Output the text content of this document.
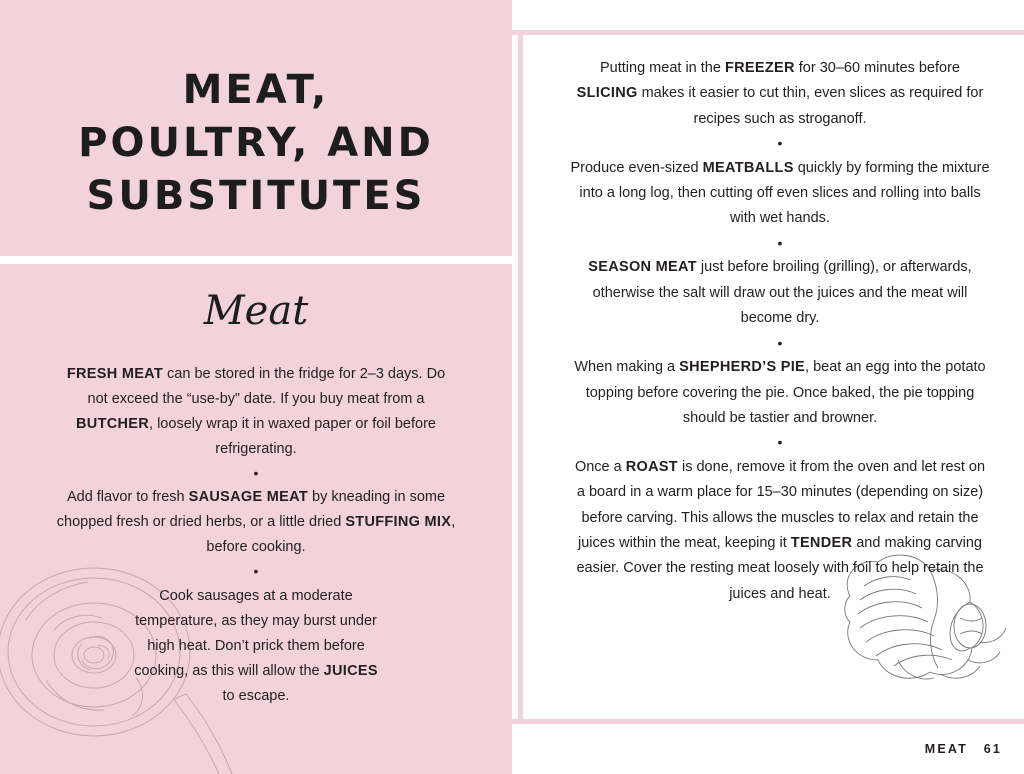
MEAT,
POULTRY, AND
SUBSTITUTES
Meat

FRESH MEAT can be stored in the fridge for 2–3 days. Do not exceed the “use-by” date. If you buy meat from a BUTCHER, loosely wrap it in waxed paper or foil before refrigerating.

•

Add flavor to fresh SAUSAGE MEAT by kneading in some chopped fresh or dried herbs, or a little dried STUFFING MIX, before cooking.

•

Cook sausages at a moderate temperature, as they may burst under high heat. Don’t prick them before cooking, as this will allow the JUICES to escape.

Putting meat in the FREEZER for 30–60 minutes before SLICING makes it easier to cut thin, even slices as required for recipes such as stroganoff.

•

Produce even-sized MEATBALLS quickly by forming the mixture into a long log, then cutting off even slices and rolling into balls with wet hands.

•

SEASON MEAT just before broiling (grilling), or afterwards, otherwise the salt will draw out the juices and the meat will become dry.

•

When making a SHEPHERD’S PIE, beat an egg into the potato topping before covering the pie. Once baked, the pie topping should be tastier and browner.

•

Once a ROAST is done, remove it from the oven and let rest on a board in a warm place for 15–30 minutes (depending on size) before carving. This allows the muscles to relax and retain the juices within the meat, keeping it TENDER and making carving easier. Cover the resting meat loosely with foil to help retain the juices and heat.

MEAT 61
